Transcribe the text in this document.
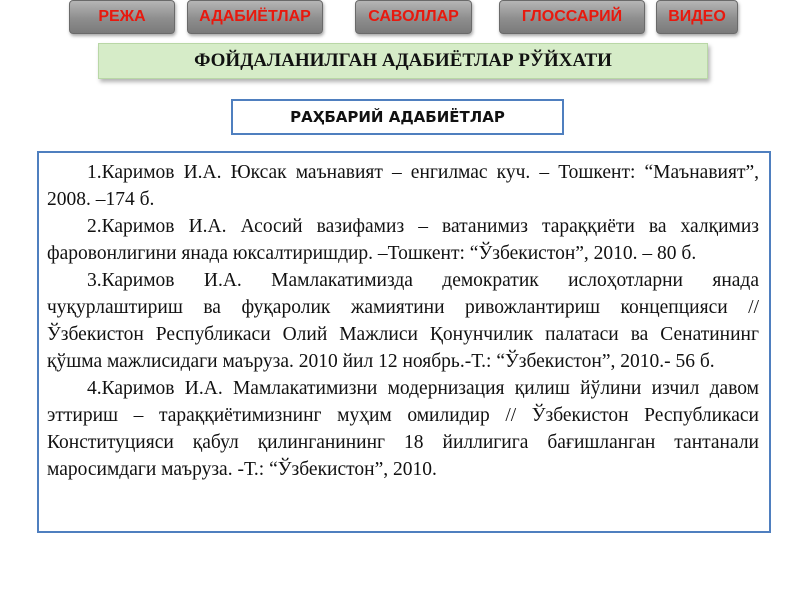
РЕЖА	АДАБИЁТЛАР	САВОЛЛАР	ГЛОССАРИЙ	ВИДЕО
ФОЙДАЛАНИЛГАН АДАБИЁТЛАР РЎЙХАТИ
РАҲБАРИЙ АДАБИЁТЛАР

1.Каримов И.А. Юксак маънавият – енгилмас куч. – Тошкент: “Маънавият”, 2008. –174 б.

2.Каримов И.А. Асосий вазифамиз – ватанимиз тараққиёти ва халқимиз фаровонлигини янада юксалтиришдир. –Тошкент: “Ўзбекистон”, 2010. – 80 б.

3.Каримов И.А. Мамлакатимизда демократик ислоҳотларни янада чуқурлаштириш ва фуқаролик жамиятини ривожлантириш концепцияси // Ўзбекистон Республикаси Олий Мажлиси Қонунчилик палатаси ва Сенатининг қўшма мажлисидаги маъруза. 2010 йил 12 ноябрь.-Т.: “Ўзбекистон”, 2010.- 56 б.

4.Каримов И.А. Мамлакатимизни модернизация қилиш йўлини изчил давом эттириш – тараққиётимизнинг муҳим омилидир // Ўзбекистон Республикаси Конституцияси қабул қилинганининг 18 йиллигига бағишланган тантанали маросимдаги маъруза. -Т.: “Ўзбекистон”, 2010.
